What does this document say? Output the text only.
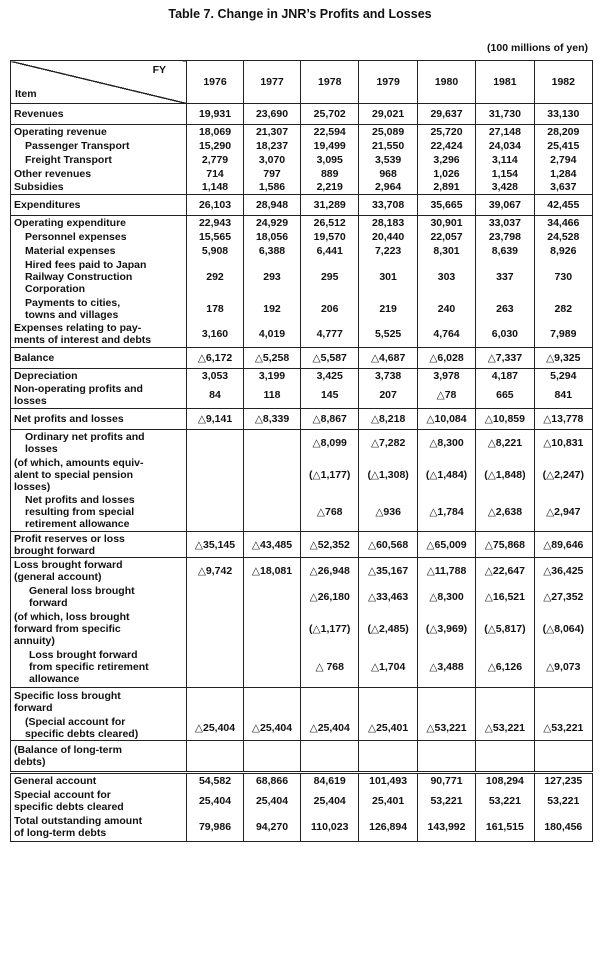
Table 7. Change in JNR’s Profits and Losses
(100 millions of yen)
FY
Item	1976	1977	1978	1979	1980	1981	1982
Revenues	19,931	23,690	25,702	29,021	29,637	31,730	33,130
Operating revenue	18,069	21,307	22,594	25,089	25,720	27,148	28,209
Passenger Transport	15,290	18,237	19,499	21,550	22,424	24,034	25,415
Freight Transport	2,779	3,070	3,095	3,539	3,296	3,114	2,794
Other revenues	714	797	889	968	1,026	1,154	1,284
Subsidies	1,148	1,586	2,219	2,964	2,891	3,428	3,637
Expenditures	26,103	28,948	31,289	33,708	35,665	39,067	42,455
Operating expenditure	22,943	24,929	26,512	28,183	30,901	33,037	34,466
Personnel expenses	15,565	18,056	19,570	20,440	22,057	23,798	24,528
Material expenses	5,908	6,388	6,441	7,223	8,301	8,639	8,926
Hired fees paid to Japan
Railway Construction
Corporation	292	293	295	301	303	337	730
Payments to cities,
towns and villages	178	192	206	219	240	263	282
Expenses relating to pay-
ments of interest and debts	3,160	4,019	4,777	5,525	4,764	6,030	7,989
Balance	△6,172	△5,258	△5,587	△4,687	△6,028	△7,337	△9,325
Depreciation	3,053	3,199	3,425	3,738	3,978	4,187	5,294
Non-operating profits and
losses	84	118	145	207	△78	665	841
Net profits and losses	△9,141	△8,339	△8,867	△8,218	△10,084	△10,859	△13,778
Ordinary net profits and
losses			△8,099	△7,282	△8,300	△8,221	△10,831
(of which, amounts equiv-
alent to special pension
losses)			(△1,177)	(△1,308)	(△1,484)	(△1,848)	(△2,247)
Net profits and losses
resulting from special
retirement allowance			△768	△936	△1,784	△2,638	△2,947
Profit reserves or loss
brought forward	△35,145	△43,485	△52,352	△60,568	△65,009	△75,868	△89,646
Loss brought forward
(general account)	△9,742	△18,081	△26,948	△35,167	△11,788	△22,647	△36,425
General loss brought
forward			△26,180	△33,463	△8,300	△16,521	△27,352
(of which, loss brought
forward from specific
annuity)			(△1,177)	(△2,485)	(△3,969)	(△5,817)	(△8,064)
Loss brought forward
from specific retirement
allowance			△ 768	△1,704	△3,488	△6,126	△9,073
Specific loss brought
forward							
(Special account for
specific debts cleared)	△25,404	△25,404	△25,404	△25,401	△53,221	△53,221	△53,221
(Balance of long-term
debts)							
General account	54,582	68,866	84,619	101,493	90,771	108,294	127,235
Special account for
specific debts cleared	25,404	25,404	25,404	25,401	53,221	53,221	53,221
Total outstanding amount
of long-term debts	79,986	94,270	110,023	126,894	143,992	161,515	180,456
